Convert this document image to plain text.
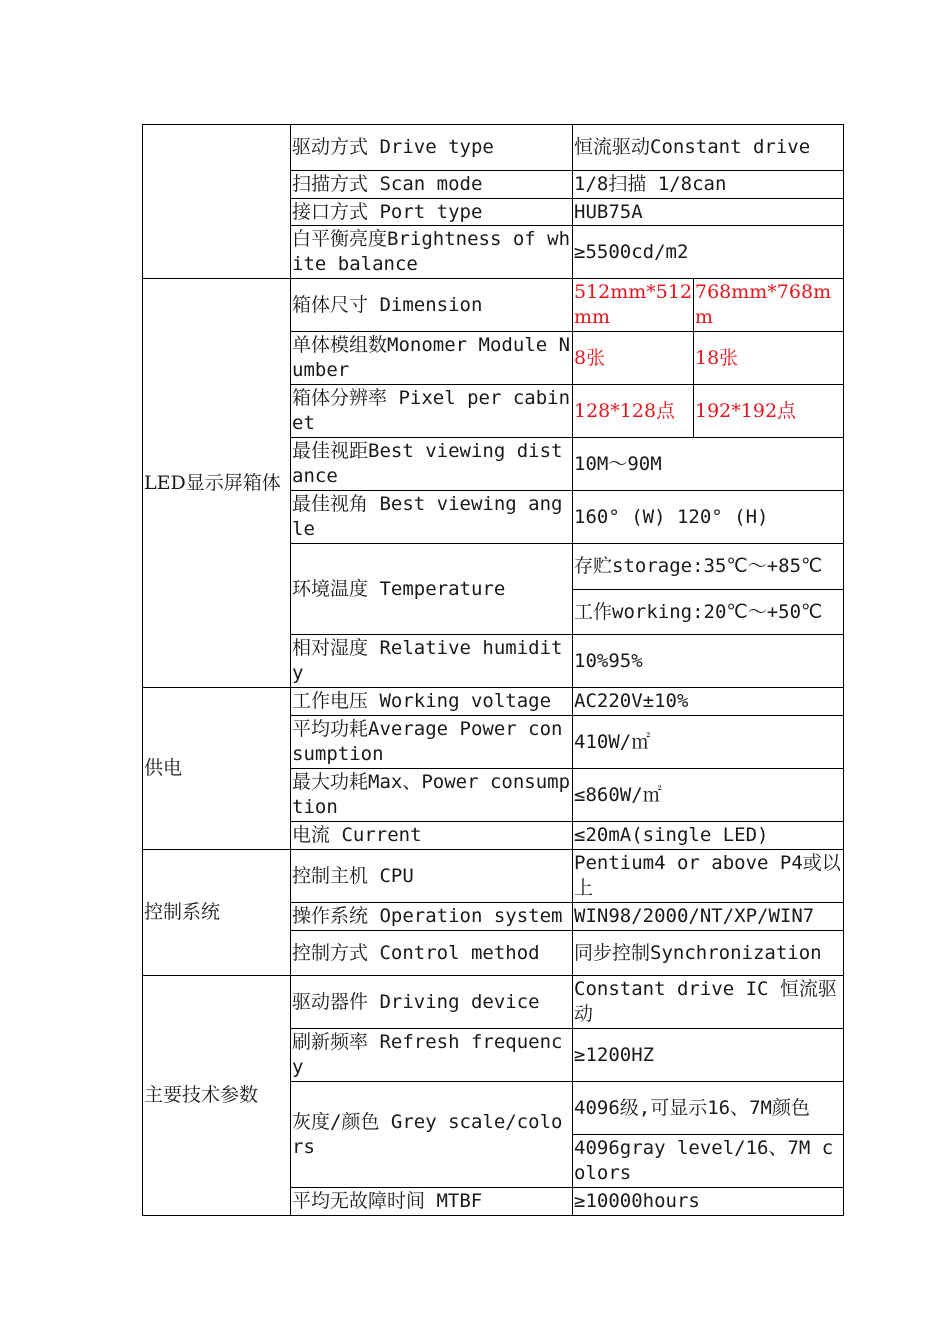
	驱动方式 Drive type	恒流驱动Constant drive	
	扫描方式 Scan mode	1/8扫描 1/8can	
	接口方式 Port type	HUB75A	
	白平衡亮度Brightness of white balance	≥5500cd/m2	
LED显示屏箱体	箱体尺寸 Dimension	512mm*512mm	768mm*768mm
	单体模组数Monomer Module Number	8张	18张
	箱体分辨率 Pixel per cabinet	128*128点	192*192点
	最佳视距Best viewing distance	10M～90M	
	最佳视角 Best viewing angle	160° (W) 120° (H)	
	环境温度 Temperature	存贮storage:35℃～+85℃	
		工作working:20℃～+50℃	
	相对湿度 Relative humidity	10%95%	
供电	工作电压 Working voltage	AC220V±10%	
	平均功耗Average Power consumption	410W/㎡	
	最大功耗Max、Power consumption	≤860W/㎡	
	电流 Current	≤20mA(single LED)	
控制系统	控制主机 CPU	Pentium4 or above P4或以上	
	操作系统 Operation system	WIN98/2000/NT/XP/WIN7	
	控制方式 Control method	同步控制Synchronization	
主要技术参数	驱动器件 Driving device	Constant drive IC 恒流驱动	
	刷新频率 Refresh frequency	≥1200HZ	
	灰度/颜色 Grey scale/colors	4096级,可显示16、7M颜色	
		4096gray level/16、7M colors	
	平均无故障时间 MTBF	≥10000hours	
